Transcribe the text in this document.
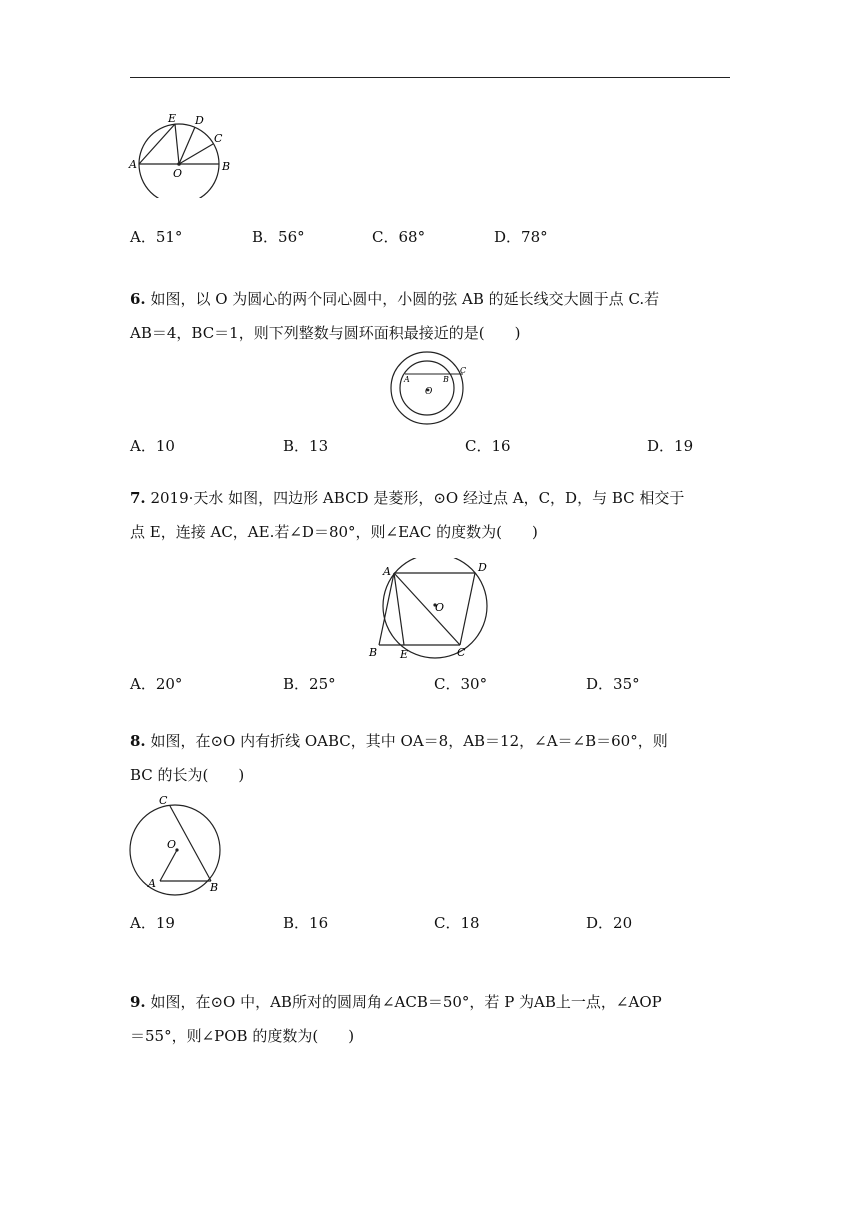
E D
C
A
O
B
A．51°	B．56°	C．68°	D．78°
6. 如图，以 O 为圆心的两个同心圆中，小圆的弦 AB 的延长线交大圆于点 C.若
AB＝4，BC＝1，则下列整数与圆环面积最接近的是(　　)
A	B
C
O
A．10	B．13	C．16	D．19
7. 2019·天水 如图，四边形 ABCD 是菱形，⊙O 经过点 A，C，D，与 BC 相交于
点 E，连接 AC，AE.若∠D＝80°，则∠EAC 的度数为(　　)
A	D
O
B E	C
A．20°	B．25°	C．30°	D．35°
8. 如图，在⊙O 内有折线 OABC，其中 OA＝8，AB＝12，∠A＝∠B＝60°，则
BC 的长为(　　)
C
O
A	B
A．19	B．16	C．18	D．20
9. 如图，在⊙O 中，AB所对的圆周角∠ACB＝50°，若 P 为AB上一点，∠AOP
＝55°，则∠POB 的度数为(　　)
